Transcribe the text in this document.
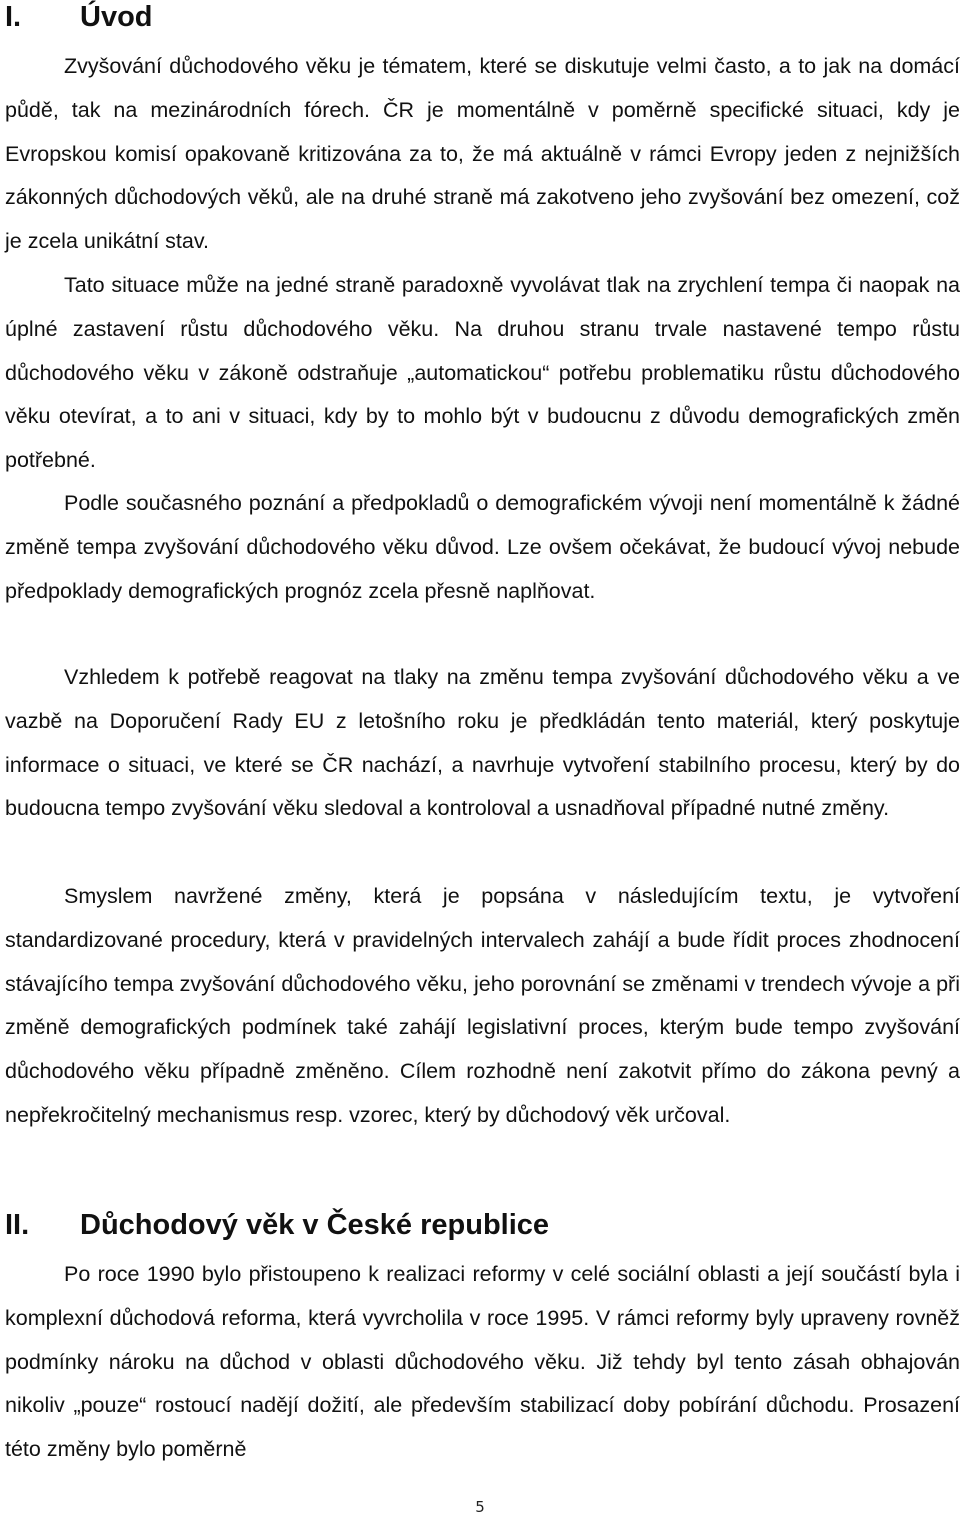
I. Úvod

Zvyšování důchodového věku je tématem, které se diskutuje velmi často, a to jak na domácí půdě, tak na mezinárodních fórech. ČR je momentálně v poměrně specifické situaci, kdy je Evropskou komisí opakovaně kritizována za to, že má aktuálně v rámci Evropy jeden z nejnižších zákonných důchodových věků, ale na druhé straně má zakotveno jeho zvyšování bez omezení, což je zcela unikátní stav.

Tato situace může na jedné straně paradoxně vyvolávat tlak na zrychlení tempa či naopak na úplné zastavení růstu důchodového věku. Na druhou stranu trvale nastavené tempo růstu důchodového věku v zákoně odstraňuje „automatickou“ potřebu problematiku růstu důchodového věku otevírat, a to ani v situaci, kdy by to mohlo být v budoucnu z důvodu demografických změn potřebné.

Podle současného poznání a předpokladů o demografickém vývoji není momentálně k žádné změně tempa zvyšování důchodového věku důvod. Lze ovšem očekávat, že budoucí vývoj nebude předpoklady demografických prognóz zcela přesně naplňovat.

Vzhledem k potřebě reagovat na tlaky na změnu tempa zvyšování důchodového věku a ve vazbě na Doporučení Rady EU z letošního roku je předkládán tento materiál, který poskytuje informace o situaci, ve které se ČR nachází, a navrhuje vytvoření stabilního procesu, který by do budoucna tempo zvyšování věku sledoval a kontroloval a usnadňoval případné nutné změny.

Smyslem navržené změny, která je popsána v následujícím textu, je vytvoření standardizované procedury, která v pravidelných intervalech zahájí a bude řídit proces zhodnocení stávajícího tempa zvyšování důchodového věku, jeho porovnání se změnami v trendech vývoje a při změně demografických podmínek také zahájí legislativní proces, kterým bude tempo zvyšování důchodového věku případně změněno. Cílem rozhodně není zakotvit přímo do zákona pevný a nepřekročitelný mechanismus resp. vzorec, který by důchodový věk určoval.

II. Důchodový věk v České republice

Po roce 1990 bylo přistoupeno k realizaci reformy v celé sociální oblasti a její součástí byla i komplexní důchodová reforma, která vyvrcholila v roce 1995. V rámci reformy byly upraveny rovněž podmínky nároku na důchod v oblasti důchodového věku. Již tehdy byl tento zásah obhajován nikoliv „pouze“ rostoucí nadějí dožití, ale především stabilizací doby pobírání důchodu. Prosazení této změny bylo poměrně

5
